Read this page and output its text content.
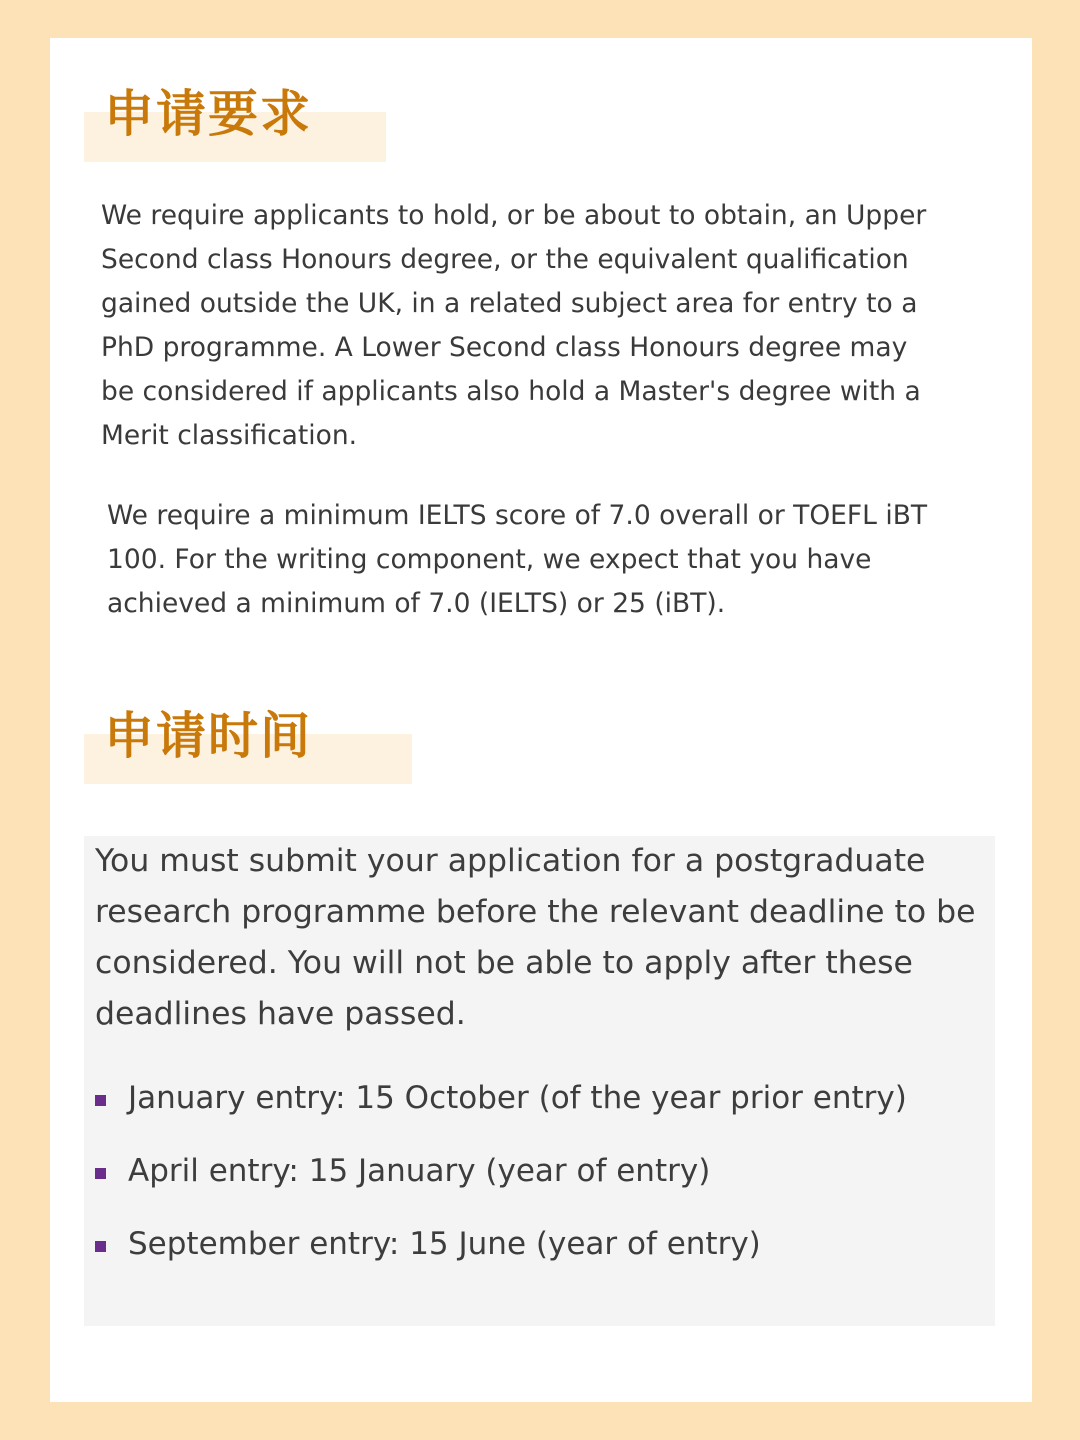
申请要求

We require applicants to hold, or be about to obtain, an Upper Second class Honours degree, or the equivalent qualification gained outside the UK, in a related subject area for entry to a PhD programme. A Lower Second class Honours degree may be considered if applicants also hold a Master's degree with a Merit classification.

We require a minimum IELTS score of 7.0 overall or TOEFL iBT 100. For the writing component, we expect that you have achieved a minimum of 7.0 (IELTS) or 25 (iBT).

申请时间

You must submit your application for a postgraduate research programme before the relevant deadline to be considered. You will not be able to apply after these deadlines have passed.

January entry: 15 October (of the year prior entry)
April entry: 15 January (year of entry)
September entry: 15 June (year of entry)
